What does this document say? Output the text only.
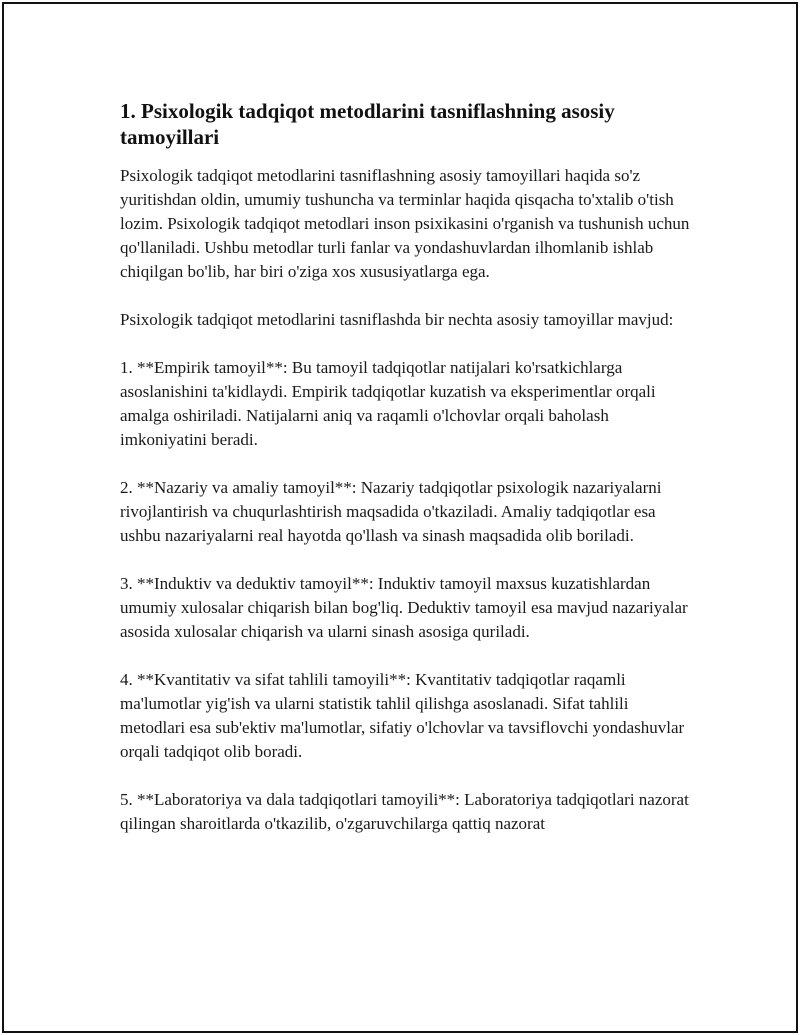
1. Psixologik tadqiqot metodlarini tasniflashning asosiy tamoyillari

Psixologik tadqiqot metodlarini tasniflashning asosiy tamoyillari haqida so'z yuritishdan oldin, umumiy tushuncha va terminlar haqida qisqacha to'xtalib o'tish lozim. Psixologik tadqiqot metodlari inson psixikasini o'rganish va tushunish uchun qo'llaniladi. Ushbu metodlar turli fanlar va yondashuvlardan ilhomlanib ishlab chiqilgan bo'lib, har biri o'ziga xos xususiyatlarga ega.

Psixologik tadqiqot metodlarini tasniflashda bir nechta asosiy tamoyillar mavjud:

1. **Empirik tamoyil**: Bu tamoyil tadqiqotlar natijalari ko'rsatkichlarga asoslanishini ta'kidlaydi. Empirik tadqiqotlar kuzatish va eksperimentlar orqali amalga oshiriladi. Natijalarni aniq va raqamli o'lchovlar orqali baholash imkoniyatini beradi.

2. **Nazariy va amaliy tamoyil**: Nazariy tadqiqotlar psixologik nazariyalarni rivojlantirish va chuqurlashtirish maqsadida o'tkaziladi. Amaliy tadqiqotlar esa ushbu nazariyalarni real hayotda qo'llash va sinash maqsadida olib boriladi.

3. **Induktiv va deduktiv tamoyil**: Induktiv tamoyil maxsus kuzatishlardan umumiy xulosalar chiqarish bilan bog'liq. Deduktiv tamoyil esa mavjud nazariyalar asosida xulosalar chiqarish va ularni sinash asosiga quriladi.

4. **Kvantitativ va sifat tahlili tamoyili**: Kvantitativ tadqiqotlar raqamli ma'lumotlar yig'ish va ularni statistik tahlil qilishga asoslanadi. Sifat tahlili metodlari esa sub'ektiv ma'lumotlar, sifatiy o'lchovlar va tavsiflovchi yondashuvlar orqali tadqiqot olib boradi.

5. **Laboratoriya va dala tadqiqotlari tamoyili**: Laboratoriya tadqiqotlari nazorat qilingan sharoitlarda o'tkazilib, o'zgaruvchilarga qattiq nazorat
